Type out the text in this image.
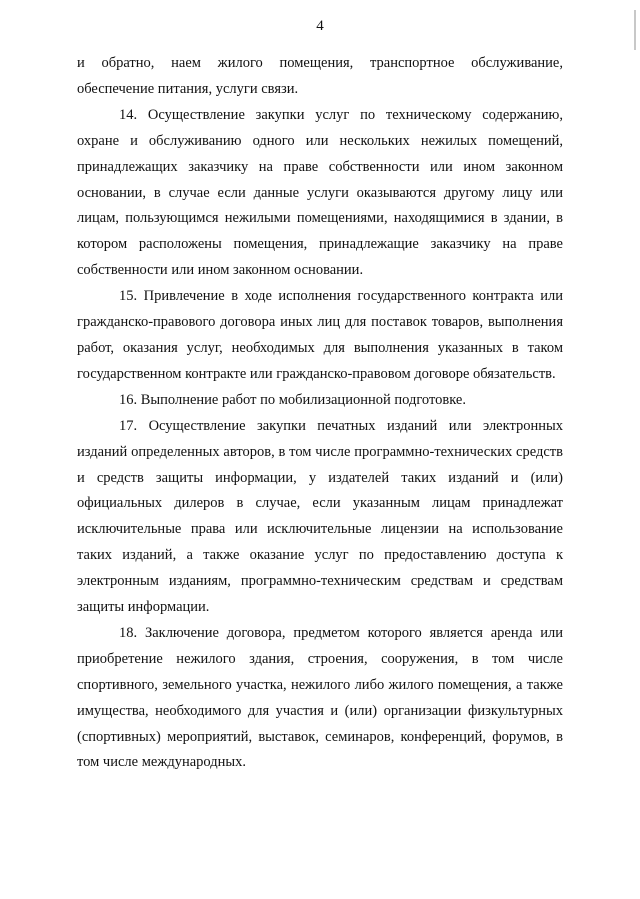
4

и обратно, наем жилого помещения, транспортное обслуживание, обеспечение питания, услуги связи.

14. Осуществление закупки услуг по техническому содержанию, охране и обслуживанию одного или нескольких нежилых помещений, принадлежащих заказчику на праве собственности или ином законном основании, в случае если данные услуги оказываются другому лицу или лицам, пользующимся нежилыми помещениями, находящимися в здании, в котором расположены помещения, принадлежащие заказчику на праве собственности или ином законном основании.

15. Привлечение в ходе исполнения государственного контракта или гражданско-правового договора иных лиц для поставок товаров, выполнения работ, оказания услуг, необходимых для выполнения указанных в таком государственном контракте или гражданско-правовом договоре обязательств.

16. Выполнение работ по мобилизационной подготовке.

17. Осуществление закупки печатных изданий или электронных изданий определенных авторов, в том числе программно-технических средств и средств защиты информации, у издателей таких изданий и (или) официальных дилеров в случае, если указанным лицам принадлежат исключительные права или исключительные лицензии на использование таких изданий, а также оказание услуг по предоставлению доступа к электронным изданиям, программно-техническим средствам и средствам защиты информации.

18. Заключение договора, предметом которого является аренда или приобретение нежилого здания, строения, сооружения, в том числе спортивного, земельного участка, нежилого либо жилого помещения, а также имущества, необходимого для участия и (или) организации физкультурных (спортивных) мероприятий, выставок, семинаров, конференций, форумов, в том числе международных.
